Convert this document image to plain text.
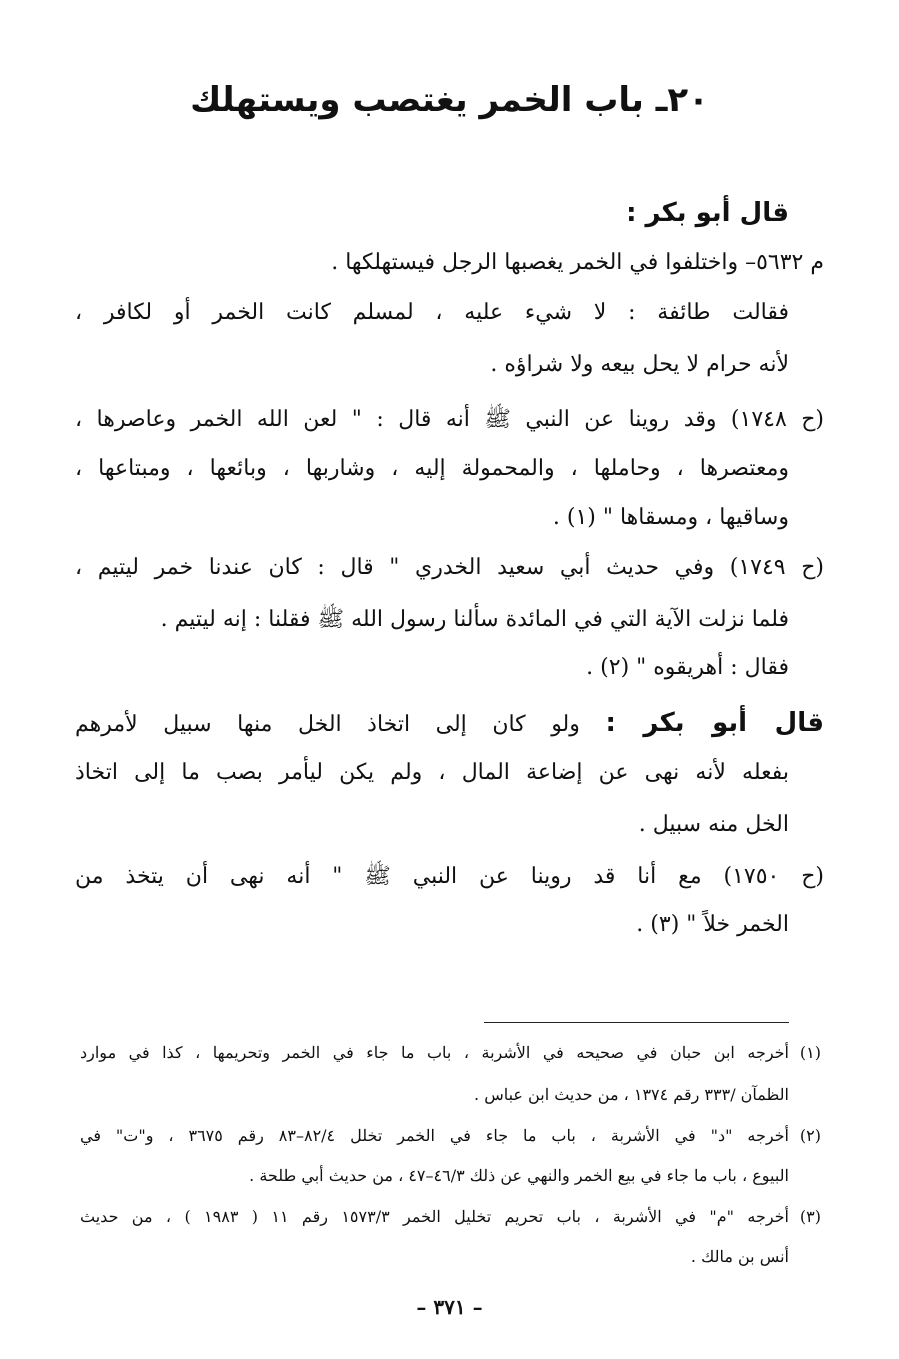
٢٠ـ باب الخمر يغتصب ويستهلك
قال أبو بكر :
م ٥٦٣٢– واختلفوا في الخمر يغصبها الرجل فيستهلكها .
فقالت طائفة : لا شيء عليه ، لمسلم كانت الخمر أو لكافر ،
لأنه حرام لا يحل بيعه ولا شراؤه .
(ح ١٧٤٨) وقد روينا عن النبي ﷺ أنه قال : " لعن الله الخمر وعاصرها ،
ومعتصرها ، وحاملها ، والمحمولة إليه ، وشاربها ، وبائعها ، ومبتاعها ،
وساقيها ، ومسقاها " (١) .
(ح ١٧٤٩) وفي حديث أبي سعيد الخدري " قال : كان عندنا خمر ليتيم ،
فلما نزلت الآية التي في المائدة سألنا رسول الله ﷺ فقلنا : إنه ليتيم .
فقال : أهريقوه " (٢) .
قال أبو بكر : ولو كان إلى اتخاذ الخل منها سبيل لأمرهم
بفعله لأنه نهى عن إضاعة المال ، ولم يكن ليأمر بصب ما إلى اتخاذ
الخل منه سبيل .
(ح ١٧٥٠) مع أنا قد روينا عن النبي ﷺ " أنه نهى أن يتخذ من
الخمر خلاً " (٣) .
(١)أخرجه ابن حبان في صحيحه في الأشربة ، باب ما جاء في الخمر وتحريمها ، كذا في موارد
الظمآن /٣٣٣ رقم ١٣٧٤ ، من حديث ابن عباس .
(٢)أخرجه "د" في الأشربة ، باب ما جاء في الخمر تخلل ٨٢/٤–٨٣ رقم ٣٦٧٥ ، و"ت" في
البيوع ، باب ما جاء في بيع الخمر والنهي عن ذلك ٤٦/٣–٤٧ ، من حديث أبي طلحة .
(٣)أخرجه "م" في الأشربة ، باب تحريم تخليل الخمر ١٥٧٣/٣ رقم ١١ ( ١٩٨٣ ) ، من حديث
أنس بن مالك .
– ٣٧١ –
